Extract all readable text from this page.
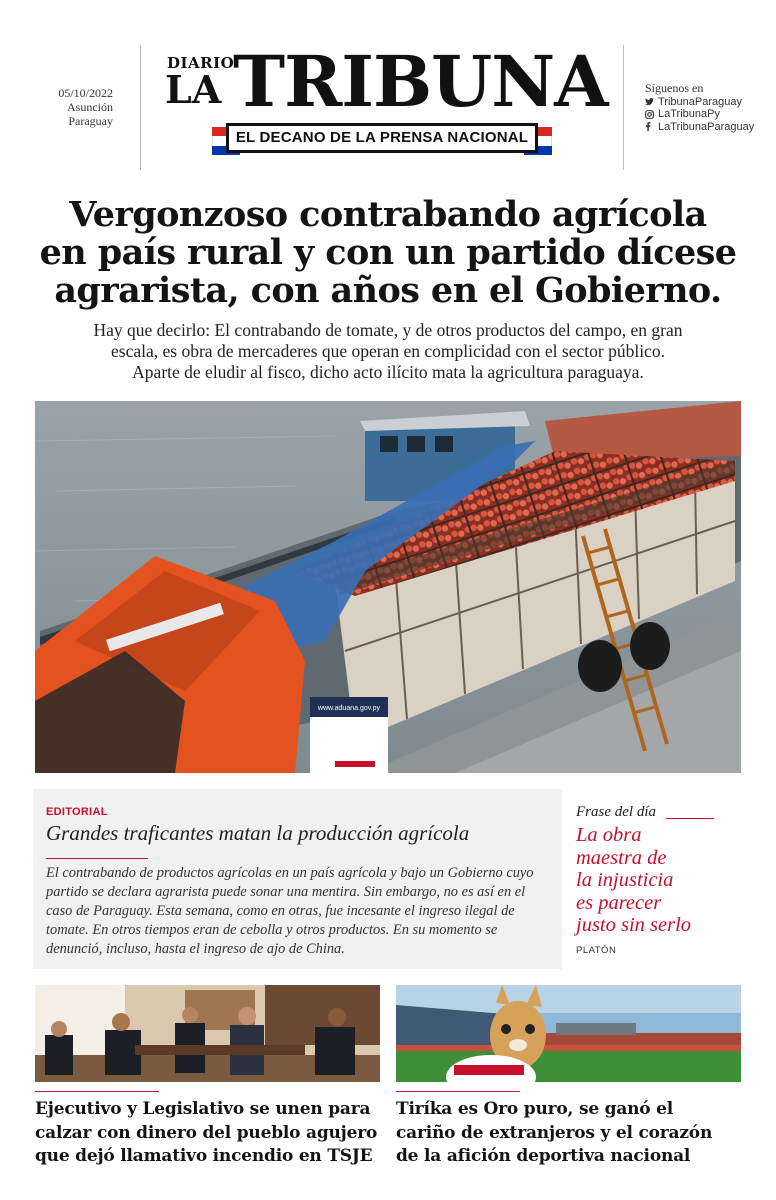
05/10/2022
Asunción
Paraguay
DIARIO
LA TRIBUNA
EL DECANO DE LA PRENSA NACIONAL
Síguenos en
TribunaParaguay
LaTribunaPy
LaTribunaParaguay
Vergonzoso contrabando agrícola
en país rural y con un partido dícese
agrarista, con años en el Gobierno.
Hay que decirlo: El contrabando de tomate, y de otros productos del campo, en gran
escala, es obra de mercaderes que operan en complicidad con el sector público.
Aparte de eludir al fisco, dicho acto ilícito mata la agricultura paraguaya.
www.aduana.gov.py
EDITORIAL
Grandes traficantes matan la producción agrícola

El contrabando de productos agrícolas en un país agrícola y bajo un Gobierno cuyo partido se declara agrarista puede sonar una mentira. Sin embargo, no es así en el caso de Paraguay. Esta semana, como en otras, fue incesante el ingreso ilegal de tomate. En otros tiempos eran de cebolla y otros productos. En su momento se denunció, incluso, hasta el ingreso de ajo de China.

Frase del día
La obra
maestra de
la injusticia
es parecer
justo sin serlo
PLATÓN
Ejecutivo y Legislativo se unen para
calzar con dinero del pueblo agujero
que dejó llamativo incendio en TSJE
Tiríka es Oro puro, se ganó el
cariño de extranjeros y el corazón
de la afición deportiva nacional
